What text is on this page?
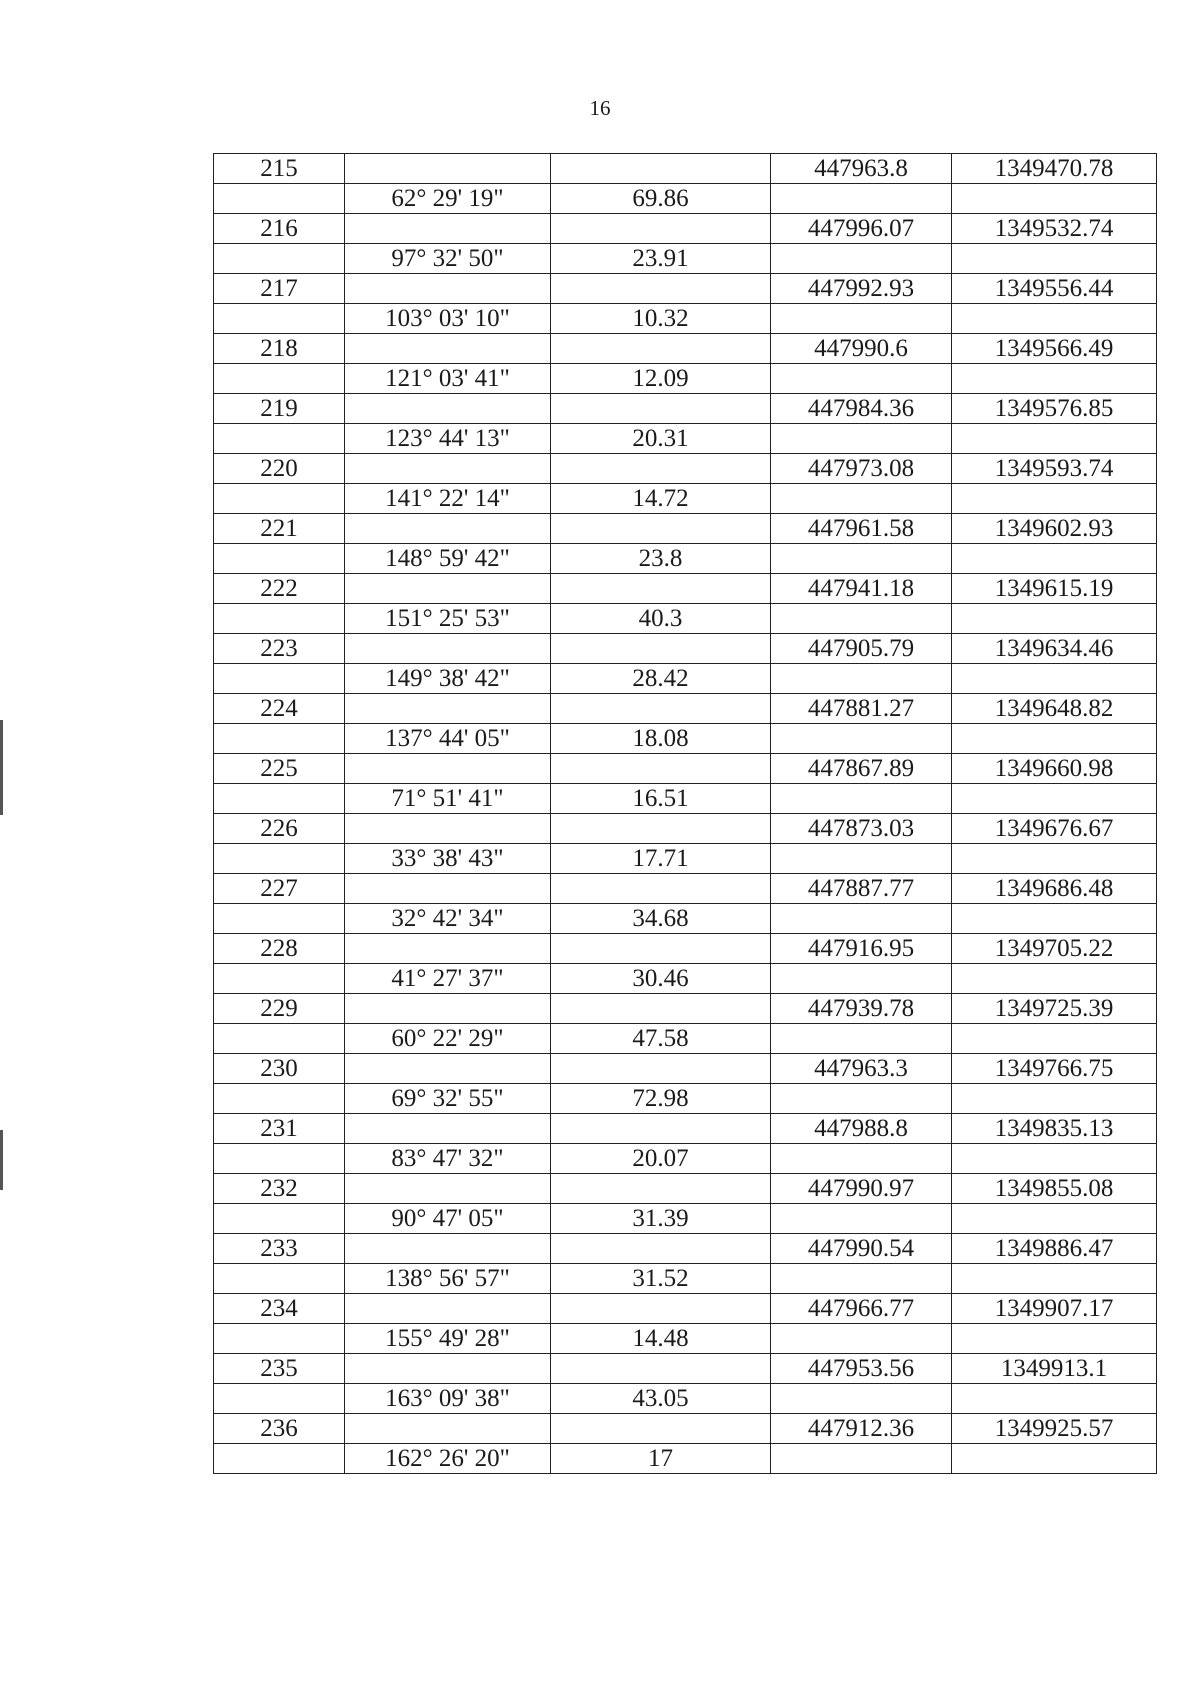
16
215			447963.8	1349470.78
	62° 29' 19"	69.86		
216			447996.07	1349532.74
	97° 32' 50"	23.91		
217			447992.93	1349556.44
	103° 03' 10"	10.32		
218			447990.6	1349566.49
	121° 03' 41"	12.09		
219			447984.36	1349576.85
	123° 44' 13"	20.31		
220			447973.08	1349593.74
	141° 22' 14"	14.72		
221			447961.58	1349602.93
	148° 59' 42"	23.8		
222			447941.18	1349615.19
	151° 25' 53"	40.3		
223			447905.79	1349634.46
	149° 38' 42"	28.42		
224			447881.27	1349648.82
	137° 44' 05"	18.08		
225			447867.89	1349660.98
	71° 51' 41"	16.51		
226			447873.03	1349676.67
	33° 38' 43"	17.71		
227			447887.77	1349686.48
	32° 42' 34"	34.68		
228			447916.95	1349705.22
	41° 27' 37"	30.46		
229			447939.78	1349725.39
	60° 22' 29"	47.58		
230			447963.3	1349766.75
	69° 32' 55"	72.98		
231			447988.8	1349835.13
	83° 47' 32"	20.07		
232			447990.97	1349855.08
	90° 47' 05"	31.39		
233			447990.54	1349886.47
	138° 56' 57"	31.52		
234			447966.77	1349907.17
	155° 49' 28"	14.48		
235			447953.56	1349913.1
	163° 09' 38"	43.05		
236			447912.36	1349925.57
	162° 26' 20"	17		
